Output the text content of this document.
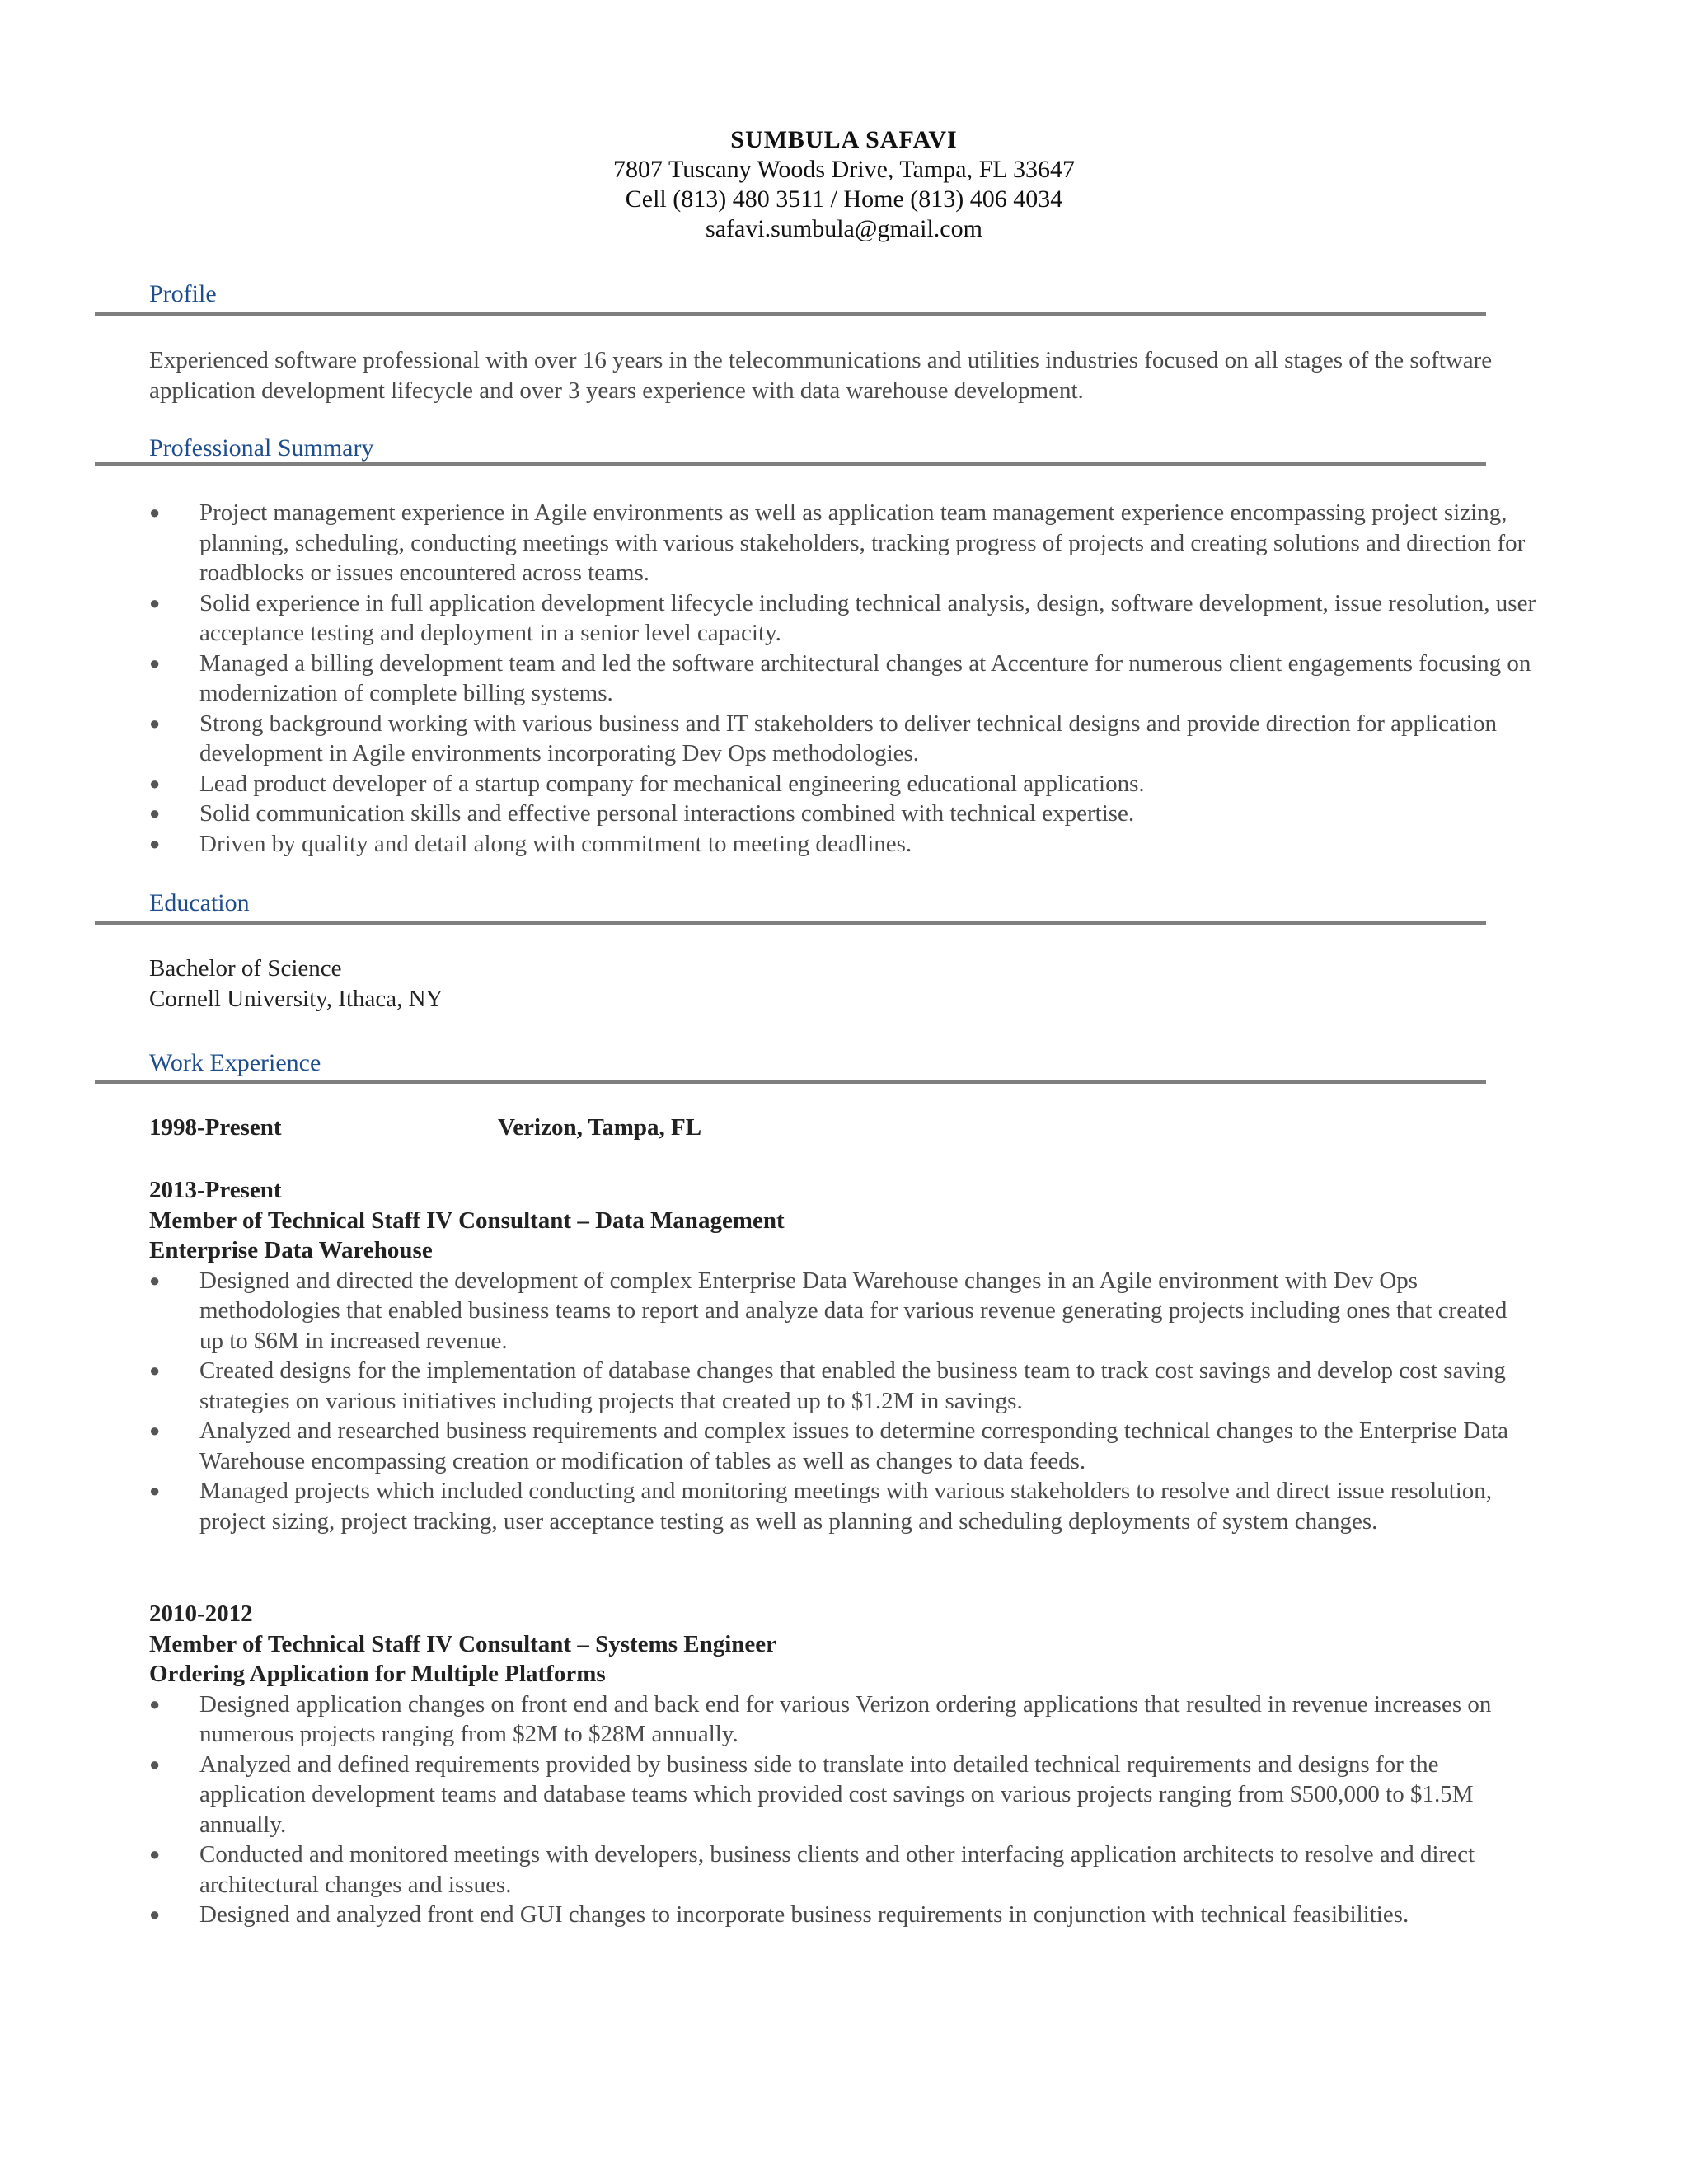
SUMBULA SAFAVI
7807 Tuscany Woods Drive, Tampa, FL 33647
Cell (813) 480 3511 / Home (813) 406 4034
safavi.sumbula@gmail.com
Profile

Experienced software professional with over 16 years in the telecommunications and utilities industries focused on all stages of the software application development lifecycle and over 3 years experience with data warehouse development.

Professional Summary
●	Project management experience in Agile environments as well as application team management experience encompassing project sizing, planning, scheduling, conducting meetings with various stakeholders, tracking progress of projects and creating solutions and direction for roadblocks or issues encountered across teams.
●	Solid experience in full application development lifecycle including technical analysis, design, software development, issue resolution, user acceptance testing and deployment in a senior level capacity.
●	Managed a billing development team and led the software architectural changes at Accenture for numerous client engagements focusing on modernization of complete billing systems.
●	Strong background working with various business and IT stakeholders to deliver technical designs and provide direction for application development in Agile environments incorporating Dev Ops methodologies.
●	Lead product developer of a startup company for mechanical engineering educational applications.
●	Solid communication skills and effective personal interactions combined with technical expertise.
●	Driven by quality and detail along with commitment to meeting deadlines.
Education

Bachelor of Science

Cornell University, Ithaca, NY

Work Experience
1998-Present	Verizon, Tampa, FL

2013-Present

Member of Technical Staff IV Consultant – Data Management

Enterprise Data Warehouse

●	Designed and directed the development of complex Enterprise Data Warehouse changes in an Agile environment with Dev Ops methodologies that enabled business teams to report and analyze data for various revenue generating projects including ones that created up to $6M in increased revenue.
●	Created designs for the implementation of database changes that enabled the business team to track cost savings and develop cost saving strategies on various initiatives including projects that created up to $1.2M in savings.
●	Analyzed and researched business requirements and complex issues to determine corresponding technical changes to the Enterprise Data Warehouse encompassing creation or modification of tables as well as changes to data feeds.
●	Managed projects which included conducting and monitoring meetings with various stakeholders to resolve and direct issue resolution, project sizing, project tracking, user acceptance testing as well as planning and scheduling deployments of system changes.

2010-2012

Member of Technical Staff IV Consultant – Systems Engineer

Ordering Application for Multiple Platforms

●	Designed application changes on front end and back end for various Verizon ordering applications that resulted in revenue increases on numerous projects ranging from $2M to $28M annually.
●	Analyzed and defined requirements provided by business side to translate into detailed technical requirements and designs for the application development teams and database teams which provided cost savings on various projects ranging from $500,000 to $1.5M annually.
●	Conducted and monitored meetings with developers, business clients and other interfacing application architects to resolve and direct architectural changes and issues.
●	Designed and analyzed front end GUI changes to incorporate business requirements in conjunction with technical feasibilities.
